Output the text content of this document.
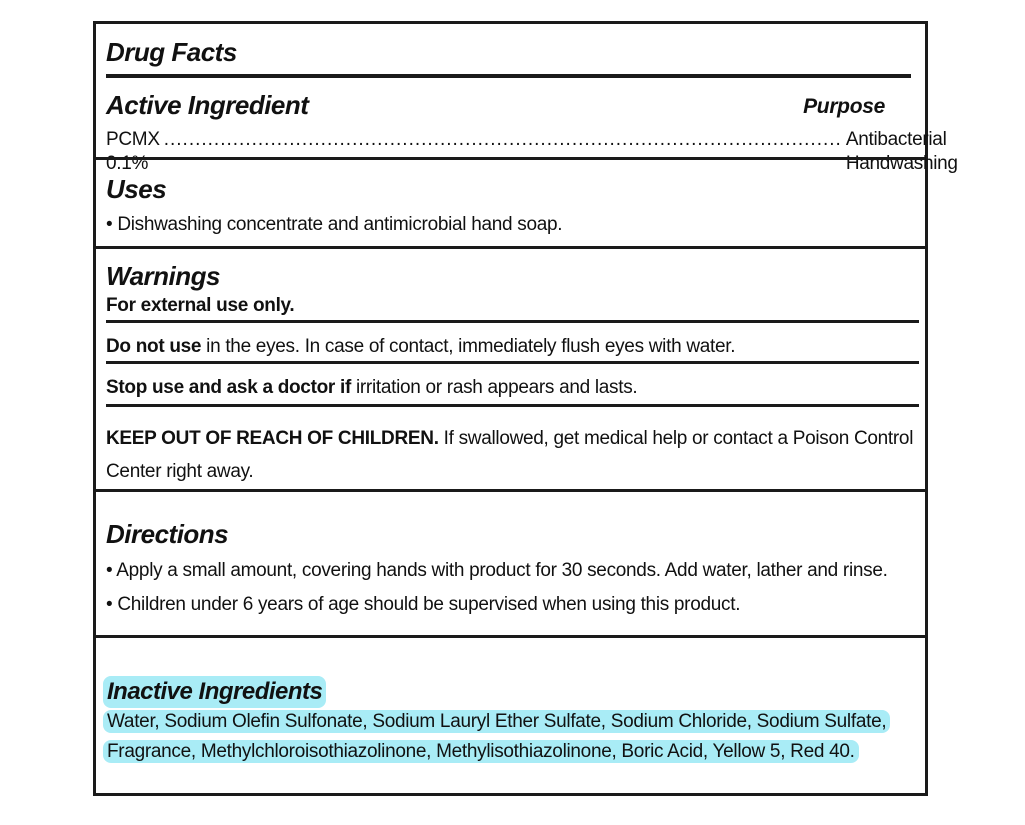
Drug Facts
Active Ingredient	Purpose
PCMX 0.1%
............................................................................................................ Antibacterial Handwashing
Uses
• Dishwashing concentrate and antimicrobial hand soap.
Warnings
For external use only.
Do not use in the eyes. In case of contact, immediately flush eyes with water.
Stop use and ask a doctor if irritation or rash appears and lasts.
KEEP OUT OF REACH OF CHILDREN. If swallowed, get medical help or contact a Poison Control
Center right away.
Directions
• Apply a small amount, covering hands with product for 30 seconds. Add water, lather and rinse.
• Children under 6 years of age should be supervised when using this product.
Inactive Ingredients
Water, Sodium Olefin Sulfonate, Sodium Lauryl Ether Sulfate, Sodium Chloride, Sodium Sulfate,
Fragrance, Methylchloroisothiazolinone, Methylisothiazolinone, Boric Acid, Yellow 5, Red 40.
